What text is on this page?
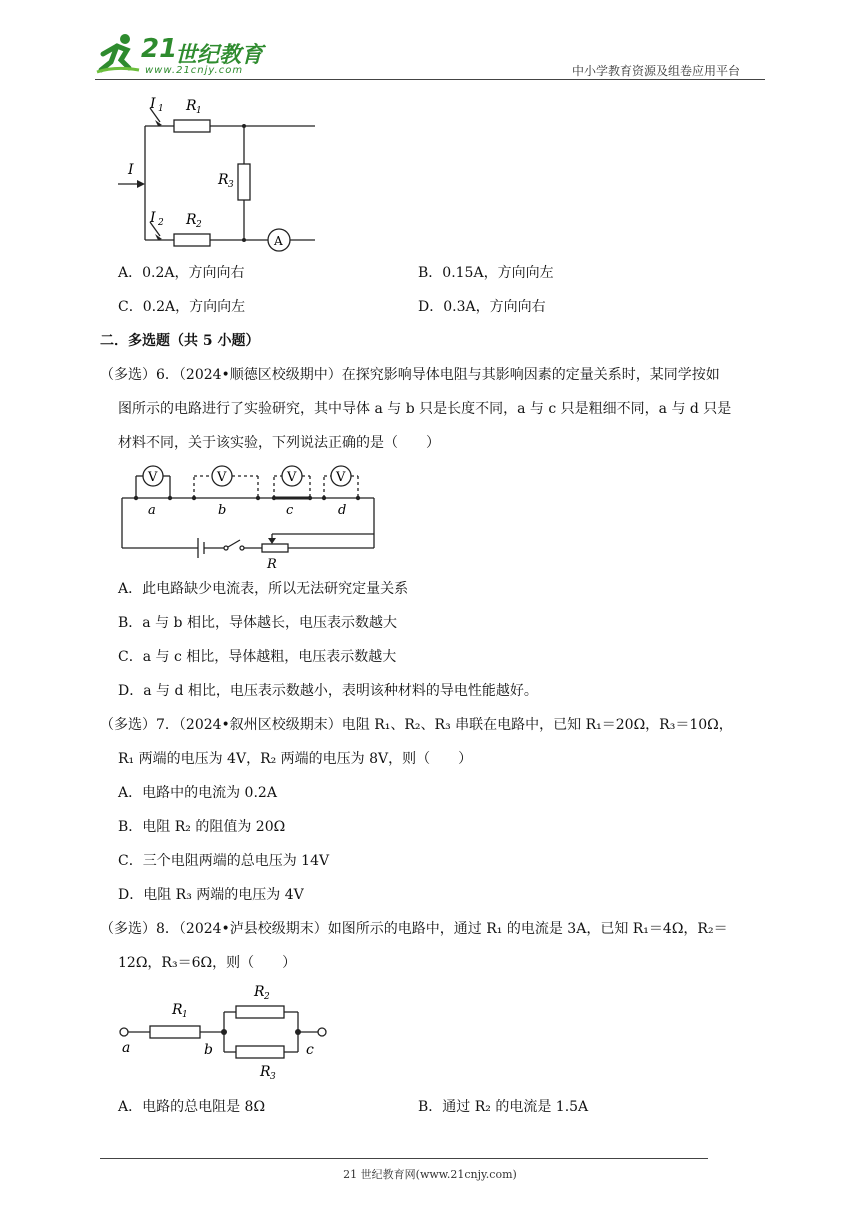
21
世纪教育
www.21cnjy.com	中小学教育资源及组卷应用平台
I 1 R 1
I
R 3
I 2 R 2
A
A．0.2A，方向向右	B．0.15A，方向向左
C．0.2A，方向向左	D．0.3A，方向向右
二．多选题（共 5 小题）
（多选）6．（2024•顺德区校级期中）在探究影响导体电阻与其影响因素的定量关系时，某同学按如
图所示的电路进行了实验研究，其中导体 a 与 b 只是长度不同，a 与 c 只是粗细不同，a 与 d 只是
材料不同，关于该实验，下列说法正确的是（　　）
V	V	V	V
a	b	c	d
R
A．此电路缺少电流表，所以无法研究定量关系
B．a 与 b 相比，导体越长，电压表示数越大
C．a 与 c 相比，导体越粗，电压表示数越大
D．a 与 d 相比，电压表示数越小，表明该种材料的导电性能越好。
（多选）7．（2024•叙州区校级期末）电阻 R₁、R₂、R₃ 串联在电路中，已知 R₁＝20Ω，R₃＝10Ω，
R₁ 两端的电压为 4V，R₂ 两端的电压为 8V，则（　　）
A．电路中的电流为 0.2A
B．电阻 R₂ 的阻值为 20Ω
C．三个电阻两端的总电压为 14V
D．电阻 R₃ 两端的电压为 4V
（多选）8．（2024•泸县校级期末）如图所示的电路中，通过 R₁ 的电流是 3A，已知 R₁＝4Ω，R₂＝
12Ω，R₃＝6Ω，则（　　）
R 1
R 2
R 3
a	b	c
A．电路的总电阻是 8Ω	B．通过 R₂ 的电流是 1.5A
21 世纪教育网(www.21cnjy.com)
